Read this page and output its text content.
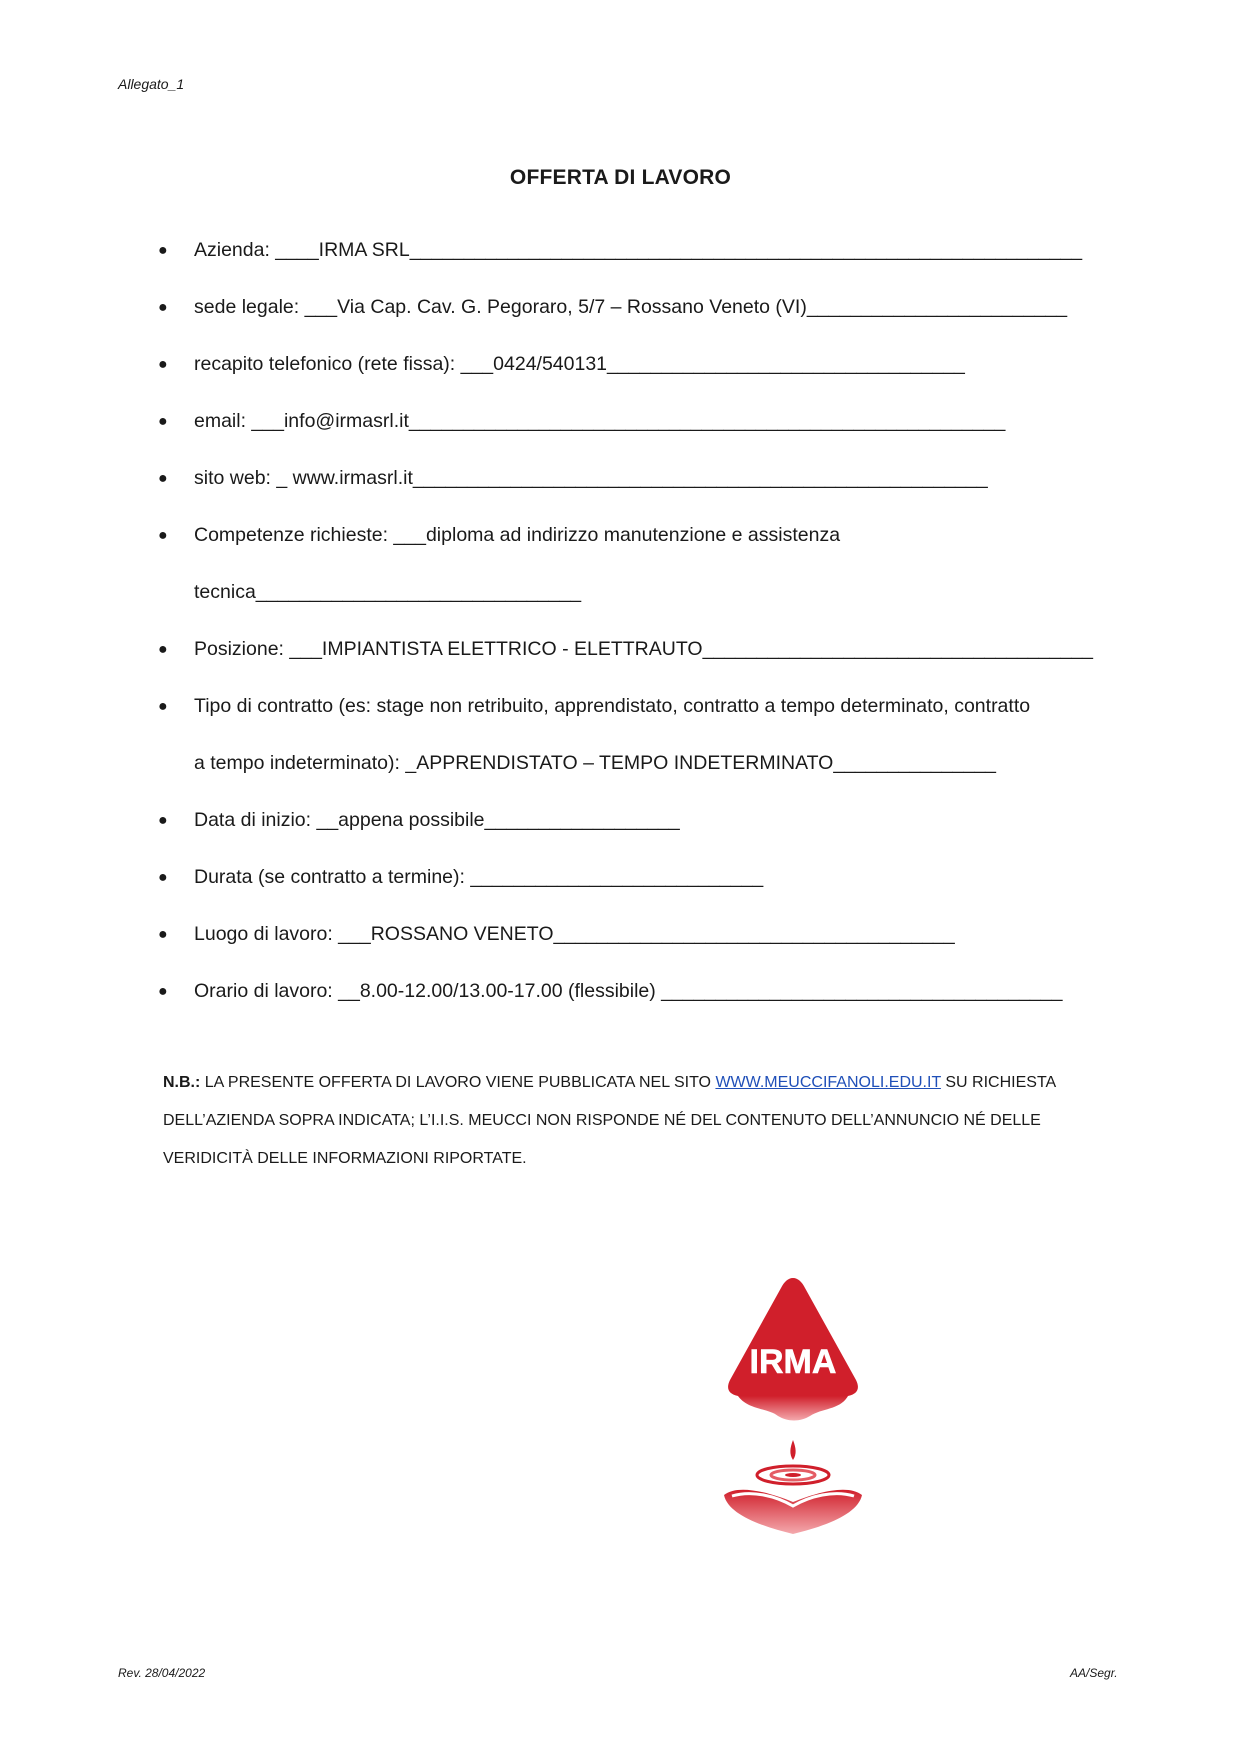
Allegato_1
OFFERTA DI LAVORO
● Azienda: ____IRMA SRL______________________________________________________________
● sede legale: ___Via Cap. Cav. G. Pegoraro, 5/7 – Rossano Veneto (VI)________________________
● recapito telefonico (rete fissa): ___0424/540131_________________________________
● email: ___info@irmasrl.it_______________________________________________________
● sito web: _ www.irmasrl.it_____________________________________________________
● Competenze richieste: ___diploma ad indirizzo manutenzione e assistenza
tecnica______________________________
● Posizione: ___IMPIANTISTA ELETTRICO - ELETTRAUTO____________________________________
● Tipo di contratto (es: stage non retribuito, apprendistato, contratto a tempo determinato, contratto
a tempo indeterminato): _APPRENDISTATO – TEMPO INDETERMINATO_______________
● Data di inizio: __appena possibile__________________
● Durata (se contratto a termine): ___________________________
● Luogo di lavoro: ___ROSSANO VENETO_____________________________________
● Orario di lavoro: __8.00-12.00/13.00-17.00 (flessibile) _____________________________________
N.B.: LA PRESENTE OFFERTA DI LAVORO VIENE PUBBLICATA NEL SITO WWW.MEUCCIFANOLI.EDU.IT SU RICHIESTA DELL’AZIENDA SOPRA INDICATA; L’I.I.S. MEUCCI NON RISPONDE NÉ DEL CONTENUTO DELL’ANNUNCIO NÉ DELLE VERIDICITÀ DELLE INFORMAZIONI RIPORTATE.
IRMA
Rev. 28/04/2022	AA/Segr.
